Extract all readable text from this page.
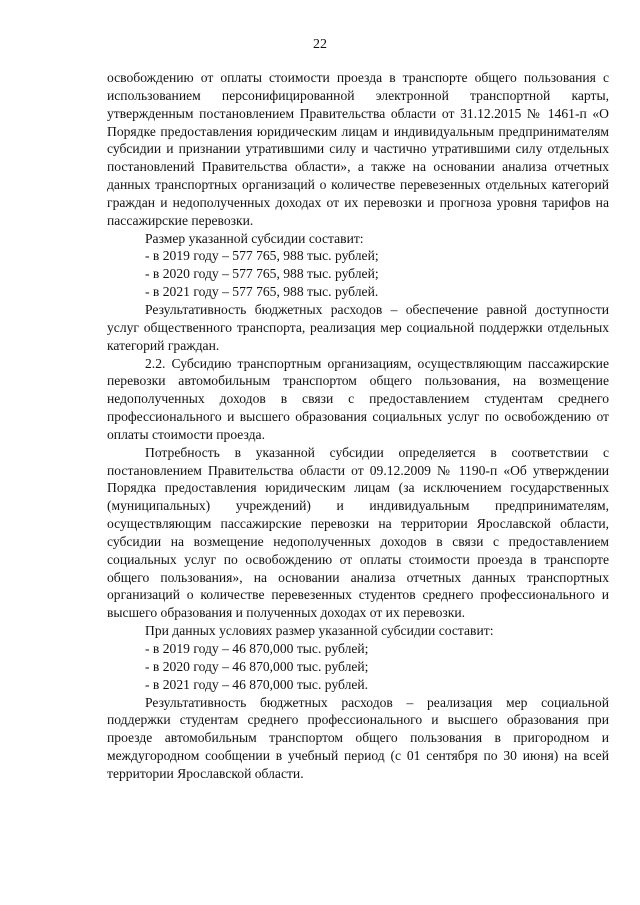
22

освобождению от оплаты стоимости проезда в транспорте общего пользования с использованием персонифицированной электронной транспортной карты, утвержденным постановлением Правительства области от 31.12.2015 № 1461-п «О Порядке предоставления юридическим лицам и индивидуальным предпринимателям субсидии и признании утратившими силу и частично утратившими силу отдельных постановлений Правительства области», а также на основании анализа отчетных данных транспортных организаций о количестве перевезенных отдельных категорий граждан и недополученных доходах от их перевозки и прогноза уровня тарифов на пассажирские перевозки.

Размер указанной субсидии составит:

- в 2019 году – 577 765, 988 тыс. рублей;

- в 2020 году – 577 765, 988 тыс. рублей;

- в 2021 году – 577 765, 988 тыс. рублей.

Результативность бюджетных расходов – обеспечение равной доступности услуг общественного транспорта, реализация мер социальной поддержки отдельных категорий граждан.

2.2. Субсидию транспортным организациям, осуществляющим пассажирские перевозки автомобильным транспортом общего пользования, на возмещение недополученных доходов в связи с предоставлением студентам среднего профессионального и высшего образования социальных услуг по освобождению от оплаты стоимости проезда.

Потребность в указанной субсидии определяется в соответствии с постановлением Правительства области от 09.12.2009 № 1190-п «Об утверждении Порядка предоставления юридическим лицам (за исключением государственных (муниципальных) учреждений) и индивидуальным предпринимателям, осуществляющим пассажирские перевозки на территории Ярославской области, субсидии на возмещение недополученных доходов в связи с предоставлением социальных услуг по освобождению от оплаты стоимости проезда в транспорте общего пользования», на основании анализа отчетных данных транспортных организаций о количестве перевезенных студентов среднего профессионального и высшего образования и полученных доходах от их перевозки.

При данных условиях размер указанной субсидии составит:

- в 2019 году – 46 870,000 тыс. рублей;

- в 2020 году – 46 870,000 тыс. рублей;

- в 2021 году – 46 870,000 тыс. рублей.

Результативность бюджетных расходов – реализация мер социальной поддержки студентам среднего профессионального и высшего образования при проезде автомобильным транспортом общего пользования в пригородном и междугородном сообщении в учебный период (с 01 сентября по 30 июня) на всей территории Ярославской области.
